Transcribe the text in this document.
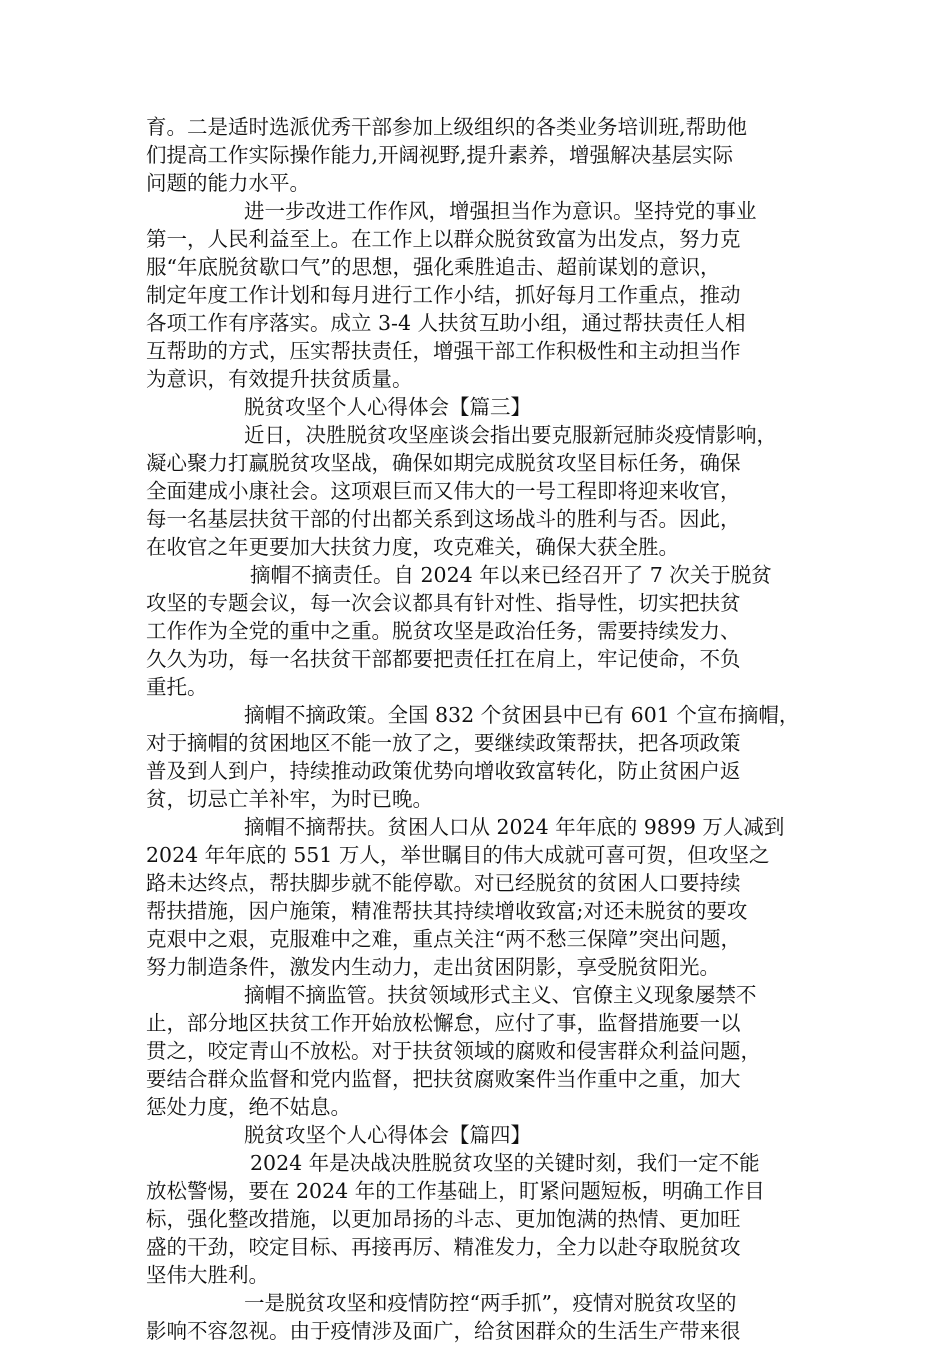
育。二是适时选派优秀干部参加上级组织的各类业务培训班,帮助他
们提高工作实际操作能力,开阔视野,提升素养，增强解决基层实际
问题的能力水平。
进一步改进工作作风，增强担当作为意识。坚持党的事业
第一，人民利益至上。在工作上以群众脱贫致富为出发点，努力克
服“年底脱贫歇口气”的思想，强化乘胜追击、超前谋划的意识，
制定年度工作计划和每月进行工作小结，抓好每月工作重点，推动
各项工作有序落实。成立 3-4 人扶贫互助小组，通过帮扶责任人相
互帮助的方式，压实帮扶责任，增强干部工作积极性和主动担当作
为意识，有效提升扶贫质量。
脱贫攻坚个人心得体会【篇三】
近日，决胜脱贫攻坚座谈会指出要克服新冠肺炎疫情影响，
凝心聚力打赢脱贫攻坚战，确保如期完成脱贫攻坚目标任务，确保
全面建成小康社会。这项艰巨而又伟大的一号工程即将迎来收官，
每一名基层扶贫干部的付出都关系到这场战斗的胜利与否。因此，
在收官之年更要加大扶贫力度，攻克难关，确保大获全胜。
摘帽不摘责任。自 2024 年以来已经召开了 7 次关于脱贫
攻坚的专题会议，每一次会议都具有针对性、指导性，切实把扶贫
工作作为全党的重中之重。脱贫攻坚是政治任务，需要持续发力、
久久为功，每一名扶贫干部都要把责任扛在肩上，牢记使命，不负
重托。
摘帽不摘政策。全国 832 个贫困县中已有 601 个宣布摘帽，
对于摘帽的贫困地区不能一放了之，要继续政策帮扶，把各项政策
普及到人到户，持续推动政策优势向增收致富转化，防止贫困户返
贫，切忌亡羊补牢，为时已晚。
摘帽不摘帮扶。贫困人口从 2024 年年底的 9899 万人减到
2024 年年底的 551 万人，举世瞩目的伟大成就可喜可贺，但攻坚之
路未达终点，帮扶脚步就不能停歇。对已经脱贫的贫困人口要持续
帮扶措施，因户施策，精准帮扶其持续增收致富;对还未脱贫的要攻
克艰中之艰，克服难中之难，重点关注“两不愁三保障”突出问题，
努力制造条件，激发内生动力，走出贫困阴影，享受脱贫阳光。
摘帽不摘监管。扶贫领域形式主义、官僚主义现象屡禁不
止，部分地区扶贫工作开始放松懈怠，应付了事，监督措施要一以
贯之，咬定青山不放松。对于扶贫领域的腐败和侵害群众利益问题，
要结合群众监督和党内监督，把扶贫腐败案件当作重中之重，加大
惩处力度，绝不姑息。
脱贫攻坚个人心得体会【篇四】
2024 年是决战决胜脱贫攻坚的关键时刻，我们一定不能
放松警惕，要在 2024 年的工作基础上，盯紧问题短板，明确工作目
标，强化整改措施，以更加昂扬的斗志、更加饱满的热情、更加旺
盛的干劲，咬定目标、再接再厉、精准发力，全力以赴夺取脱贫攻
坚伟大胜利。
一是脱贫攻坚和疫情防控“两手抓”，疫情对脱贫攻坚的
影响不容忽视。由于疫情涉及面广，给贫困群众的生活生产带来很
